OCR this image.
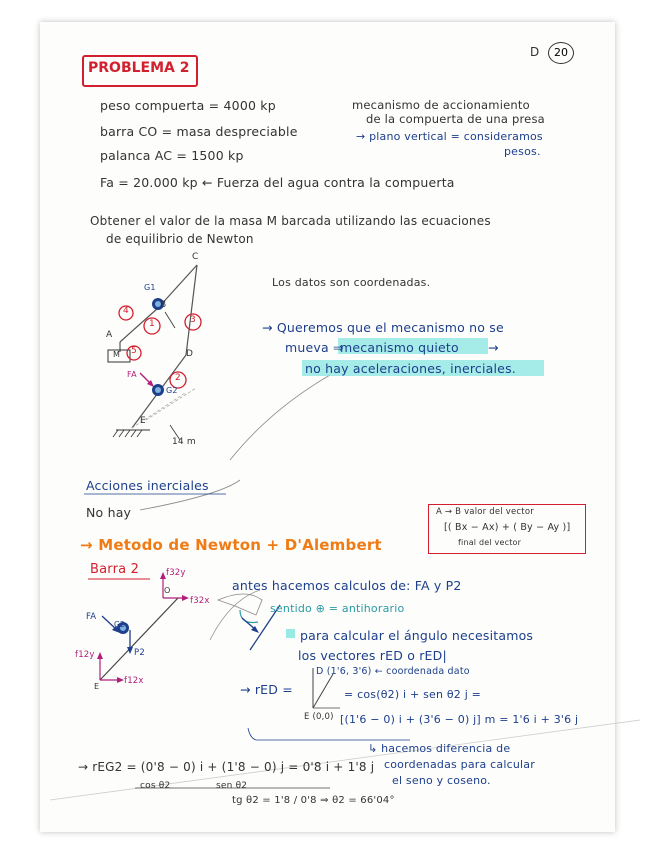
PROBLEMA 2
D	20
peso compuerta = 4000 kp
barra CO = masa despreciable
palanca AC = 1500 kp
Fa = 20.000 kp ← Fuerza del agua contra la compuerta
mecanismo de accionamiento
de la compuerta de una presa
→ plano vertical = consideramos
pesos.
Obtener el valor de la masa M barcada utilizando las ecuaciones
de equilibrio de Newton
C
B
A
D
E
M
G1
G2
FA
4
1	3
5
2
14 m
Los datos son coordenadas.
→ Queremos que el mecanismo no se
mueva ⇒
mecanismo quieto →
no hay aceleraciones, inerciales.
Acciones inerciales
No hay
→ Metodo de Newton + D'Alembert
A → B valor del vector
[( Bx − Ax) + ( By − Ay )]
final del vector
Barra 2	f32y
f32x
O
FA
G2
P2
f12y
f12x
E
antes hacemos calculos de: FA y P2
sentido ⊕ = antihorario
para calcular el ángulo necesitamos
los vectores rED o rED|
→ rED =
D (1'6, 3'6) ← coordenada dato
= cos(θ2) i + sen θ2 j =
[(1'6 − 0) i + (3'6 − 0) j] m = 1'6 i + 3'6 j
E (0,0)
↳ hacemos diferencia de
coordenadas para calcular
el seno y coseno.
→ rEG2 = (0'8 − 0) i + (1'8 − 0) j = 0'8 i + 1'8 j
cos θ2	sen θ2
tg θ2 = 1'8 / 0'8 ⇒ θ2 = 66'04°
